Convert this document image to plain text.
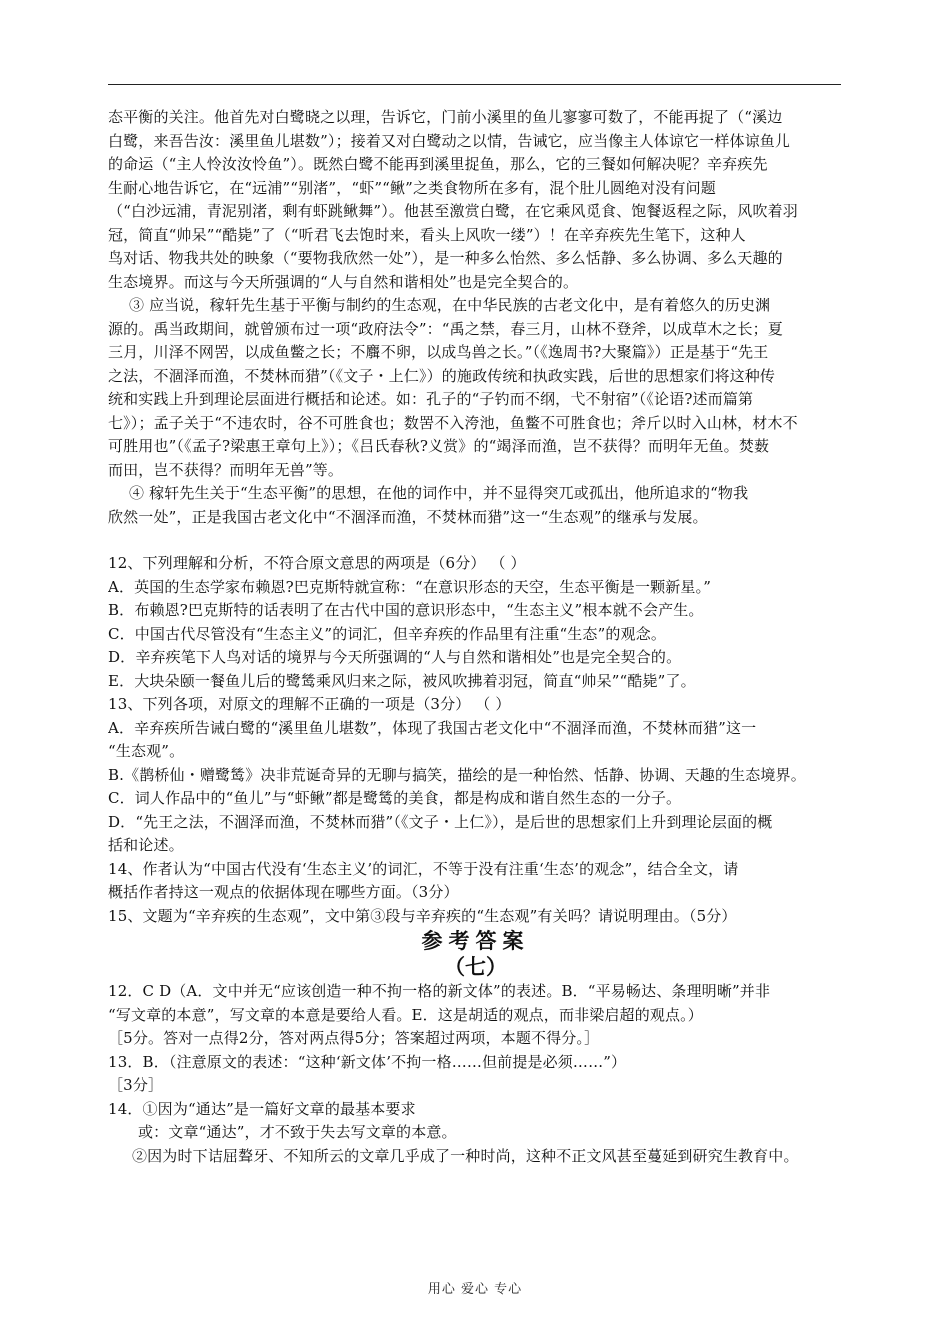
态平衡的关注。他首先对白鹭晓之以理，告诉它，门前小溪里的鱼儿寥寥可数了，不能再捉了（“溪边
白鹭，来吾告汝：溪里鱼儿堪数”）；接着又对白鹭动之以情，告诫它，应当像主人体谅它一样体谅鱼儿
的命运（“主人怜汝汝怜鱼”）。既然白鹭不能再到溪里捉鱼，那么，它的三餐如何解决呢？辛弃疾先
生耐心地告诉它，在“远浦”“别渚”，“虾”“鳅”之类食物所在多有，混个肚儿圆绝对没有问题
（“白沙远浦，青泥别渚，剩有虾跳鳅舞”）。他甚至激赏白鹭，在它乘风觅食、饱餐返程之际，风吹着羽
冠，简直“帅呆”“酷毙”了（“听君飞去饱时来，看头上风吹一缕”）！在辛弃疾先生笔下，这种人
鸟对话、物我共处的映象（“要物我欣然一处”），是一种多么怡然、多么恬静、多么协调、多么天趣的
生态境界。而这与今天所强调的“人与自然和谐相处”也是完全契合的。
③ 应当说，稼轩先生基于平衡与制约的生态观，在中华民族的古老文化中，是有着悠久的历史渊
源的。禹当政期间，就曾颁布过一项“政府法令”：“禹之禁，春三月，山林不登斧，以成草木之长；夏
三月，川泽不网罟，以成鱼鳖之长；不麛不卵，以成鸟兽之长。”（《逸周书?大聚篇》）正是基于“先王
之法，不涸泽而渔，不焚林而猎”（《文子・上仁》）的施政传统和执政实践，后世的思想家们将这种传
统和实践上升到理论层面进行概括和论述。如：孔子的“子钓而不纲，弋不射宿”（《论语?述而篇第
七》）；孟子关于“不违农时，谷不可胜食也；数罟不入洿池，鱼鳖不可胜食也；斧斤以时入山林，材木不
可胜用也”（《孟子?梁惠王章句上》）；《吕氏春秋?义赏》的“竭泽而渔，岂不获得？而明年无鱼。焚薮
而田，岂不获得？而明年无兽”等。
④ 稼轩先生关于“生态平衡”的思想，在他的词作中，并不显得突兀或孤出，他所追求的“物我
欣然一处”，正是我国古老文化中“不涸泽而渔，不焚林而猎”这一“生态观”的继承与发展。
12、下列理解和分析，不符合原文意思的两项是（6分） （ ）
A．英国的生态学家布赖恩?巴克斯特就宣称：“在意识形态的天空，生态平衡是一颗新星。”
B．布赖恩?巴克斯特的话表明了在古代中国的意识形态中，“生态主义”根本就不会产生。
C．中国古代尽管没有“生态主义”的词汇，但辛弃疾的作品里有注重“生态”的观念。
D．辛弃疾笔下人鸟对话的境界与今天所强调的“人与自然和谐相处”也是完全契合的。
E．大块朵颐一餐鱼儿后的鹭鸶乘风归来之际，被风吹拂着羽冠，简直“帅呆”“酷毙”了。
13、下列各项，对原文的理解不正确的一项是（3分） （ ）
A．辛弃疾所告诫白鹭的“溪里鱼儿堪数”，体现了我国古老文化中“不涸泽而渔，不焚林而猎”这一
“生态观”。
B.《鹊桥仙・赠鹭鸶》决非荒诞奇异的无聊与搞笑，描绘的是一种怡然、恬静、协调、天趣的生态境界。
C．词人作品中的“鱼儿”与“虾鳅”都是鹭鸶的美食，都是构成和谐自然生态的一分子。
D．“先王之法，不涸泽而渔，不焚林而猎”（《文子・上仁》），是后世的思想家们上升到理论层面的概
括和论述。
14、作者认为“中国古代没有‘生态主义’的词汇，不等于没有注重‘生态’的观念”，结合全文，请
概括作者持这一观点的依据体现在哪些方面。（3分）
15、文题为“辛弃疾的生态观”，文中第③段与辛弃疾的“生态观”有关吗？请说明理由。（5分）
参考答案
（七）
12．C D（A．文中并无“应该创造一种不拘一格的新文体”的表述。B．“平易畅达、条理明晰”并非
“写文章的本意”，写文章的本意是要给人看。E．这是胡适的观点，而非梁启超的观点。）
［5分。答对一点得2分，答对两点得5分；答案超过两项，本题不得分。］
13．B．（注意原文的表述：“这种‘新文体’不拘一格……但前提是必须……”）
［3分］
14．①因为“通达”是一篇好文章的最基本要求
或：文章“通达”，才不致于失去写文章的本意。
②因为时下诘屈聱牙、不知所云的文章几乎成了一种时尚，这种不正文风甚至蔓延到研究生教育中。
用心 爱心 专心
